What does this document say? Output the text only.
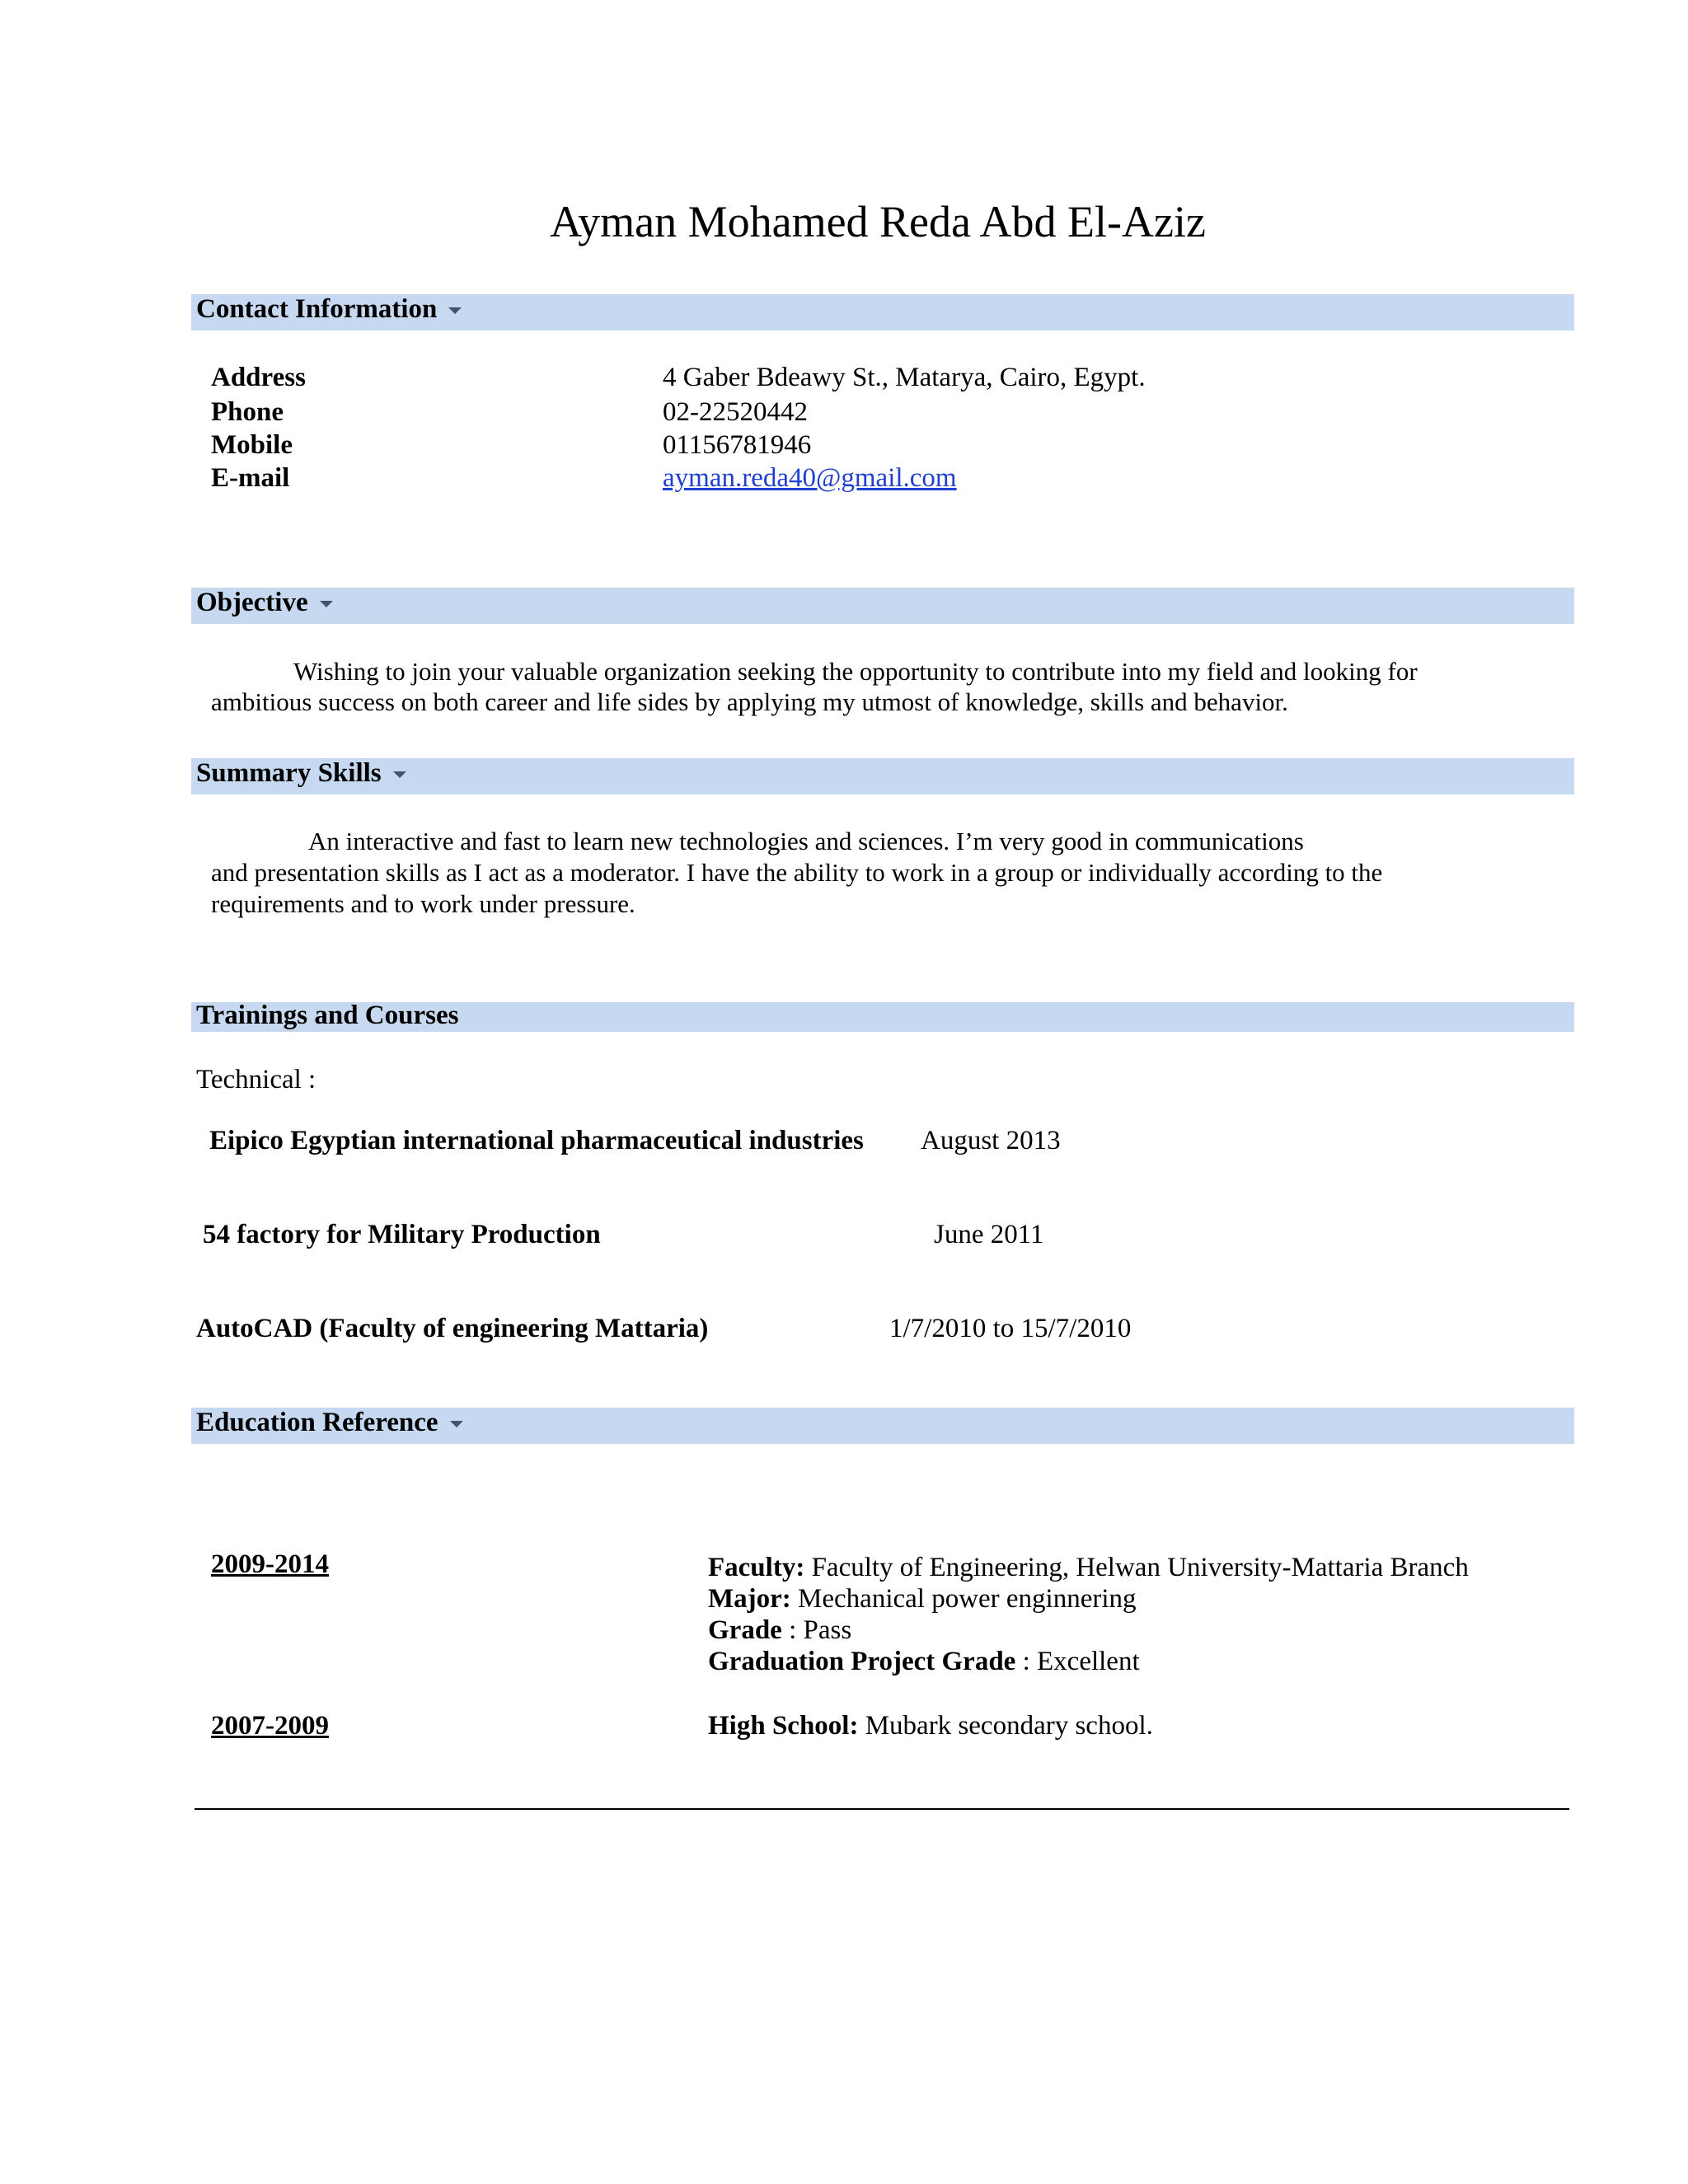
Ayman Mohamed Reda Abd El-Aziz
Contact Information
Address	4 Gaber Bdeawy St., Matarya, Cairo, Egypt.
Phone	02-22520442
Mobile	01156781946
E-mail	ayman.reda40@gmail.com
Objective
Wishing to join your valuable organization seeking the opportunity to contribute into my field and looking for
ambitious success on both career and life sides by applying my utmost of knowledge, skills and behavior.
Summary Skills
An interactive and fast to learn new technologies and sciences. I’m very good in communications
and presentation skills as I act as a moderator. I have the ability to work in a group or individually according to the
requirements and to work under pressure.
Trainings and Courses
Technical :
Eipico Egyptian international pharmaceutical industries August 2013
54 factory for Military Production	June 2011
AutoCAD (Faculty of engineering Mattaria)	1/7/2010 to 15/7/2010
Education Reference
2009-2014	Faculty: Faculty of Engineering, Helwan University-Mattaria Branch
Major: Mechanical power enginnering
Grade : Pass
Graduation Project Grade : Excellent
2007-2009	High School: Mubark secondary school.
